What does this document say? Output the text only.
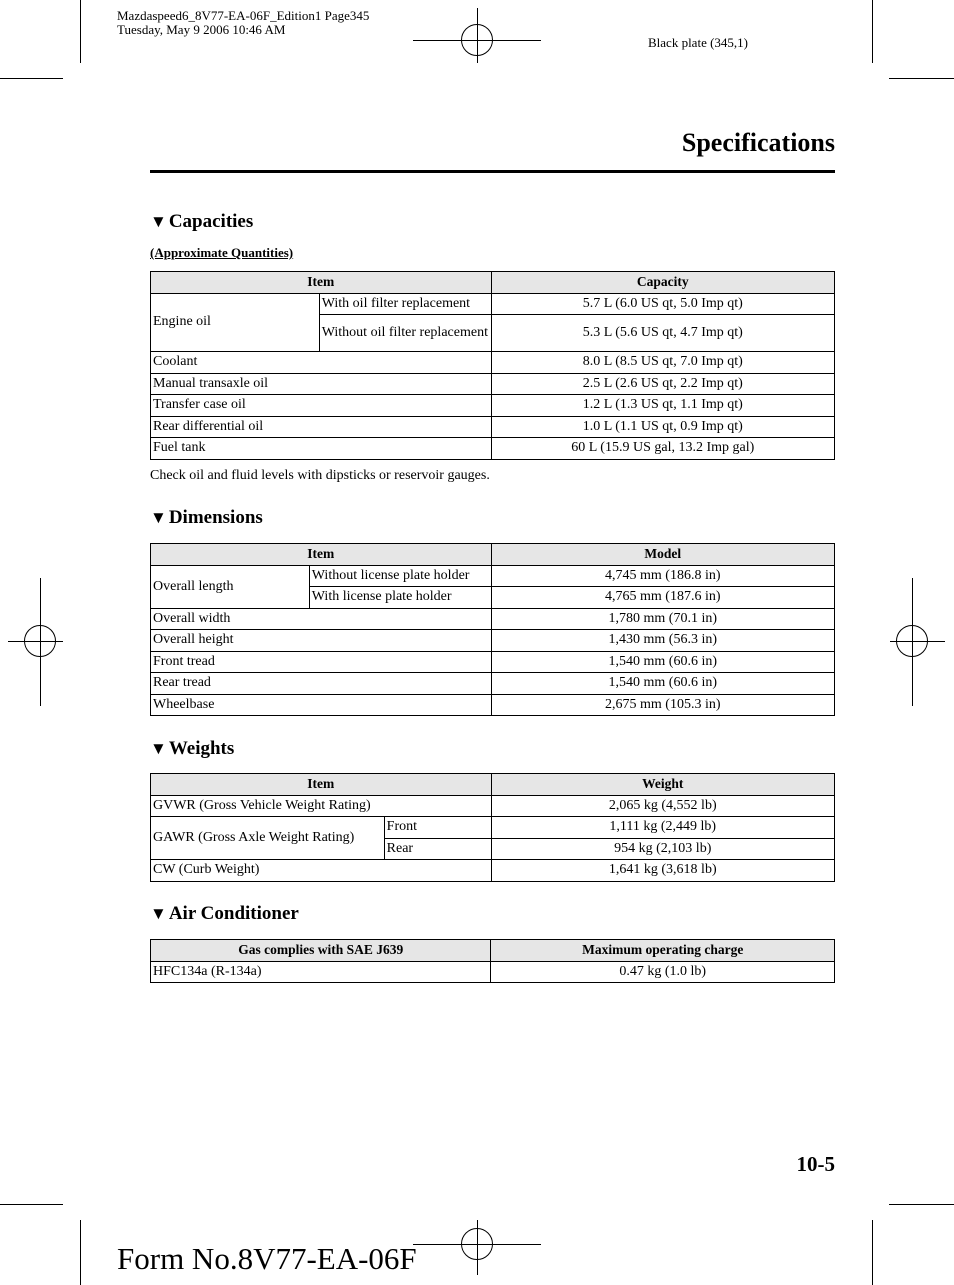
Mazdaspeed6_8V77-EA-06F_Edition1 Page345
Tuesday, May 9 2006 10:46 AM
Black plate (345,1)
Specifications
▼ Capacities
(Approximate Quantities)
Item		Capacity
Engine oil	With oil filter replacement	5.7 L (6.0 US qt, 5.0 Imp qt)
	Without oil filter replacement	5.3 L (5.6 US qt, 4.7 Imp qt)
Coolant		8.0 L (8.5 US qt, 7.0 Imp qt)
Manual transaxle oil		2.5 L (2.6 US qt, 2.2 Imp qt)
Transfer case oil		1.2 L (1.3 US qt, 1.1 Imp qt)
Rear differential oil		1.0 L (1.1 US qt, 0.9 Imp qt)
Fuel tank		60 L (15.9 US gal, 13.2 Imp gal)
Check oil and fluid levels with dipsticks or reservoir gauges.
▼ Dimensions
Item		Model
Overall length	Without license plate holder	4,745 mm (186.8 in)
	With license plate holder	4,765 mm (187.6 in)
Overall width		1,780 mm (70.1 in)
Overall height		1,430 mm (56.3 in)
Front tread		1,540 mm (60.6 in)
Rear tread		1,540 mm (60.6 in)
Wheelbase		2,675 mm (105.3 in)
▼ Weights
Item		Weight
GVWR (Gross Vehicle Weight Rating)		2,065 kg (4,552 lb)
GAWR (Gross Axle Weight Rating)	Front	1,111 kg (2,449 lb)
	Rear	954 kg (2,103 lb)
CW (Curb Weight)		1,641 kg (3,618 lb)
▼ Air Conditioner
Gas complies with SAE J639	Maximum operating charge
HFC134a (R-134a)	0.47 kg (1.0 lb)
10-5
Form No.8V77-EA-06F
